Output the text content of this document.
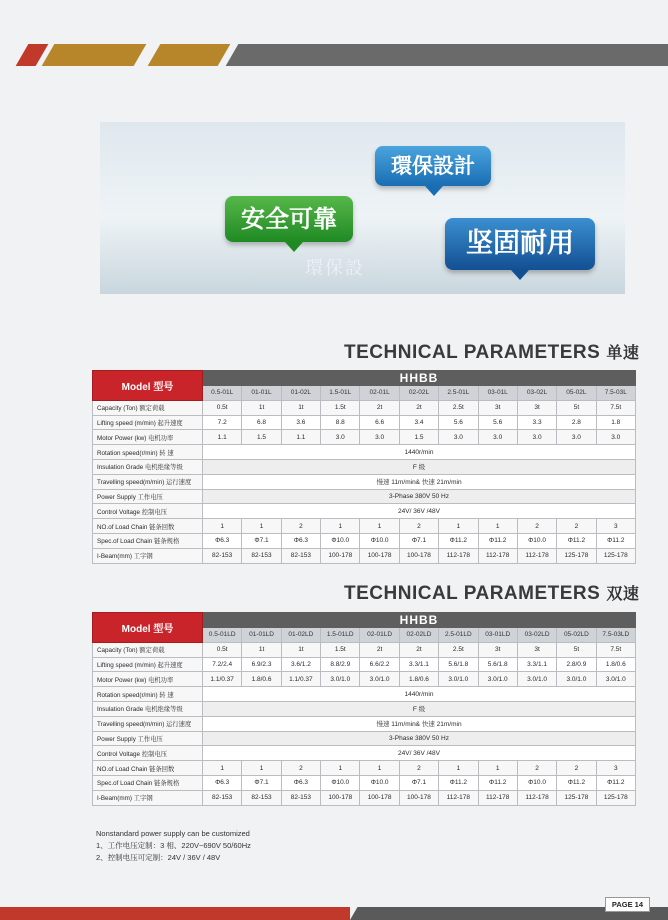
環保設
安全可靠
環保設計
坚固耐用
TECHNICAL PARAMETERS 单速
Model 型号	HHBB										
	0.5-01L	01-01L	01-02L	1.5-01L	02-01L	02-02L	2.5-01L	03-01L	03-02L	05-02L	7.5-03L
Capacity (Ton) 额定荷载	0.5t	1t	1t	1.5t	2t	2t	2.5t	3t	3t	5t	7.5t
Lifting speed (m/min) 起升速度	7.2	6.8	3.6	8.8	6.6	3.4	5.6	5.6	3.3	2.8	1.8
Motor Power (kw) 电机功率	1.1	1.5	1.1	3.0	3.0	1.5	3.0	3.0	3.0	3.0	3.0
Rotation speed(r/min) 转 速	1440r/min										
Insulation Grade 电机绝缘等级	F 级										
Travelling speed(m/min) 运行速度	慢速 11m/min& 快速 21m/min										
Power Supply 工作电压	3-Phase 380V 50 Hz										
Control Voltage 控制电压	24V/ 36V /48V										
NO.of Load Chain 链条回数	1	1	2	1	1	2	1	1	2	2	3
Spec.of Load Chain 链条规格	Φ6.3	Φ7.1	Φ6.3	Φ10.0	Φ10.0	Φ7.1	Φ11.2	Φ11.2	Φ10.0	Φ11.2	Φ11.2
I-Beam(mm) 工字钢	82-153	82-153	82-153	100-178	100-178	100-178	112-178	112-178	112-178	125-178	125-178
TECHNICAL PARAMETERS 双速
Model 型号	HHBB										
	0.5-01LD	01-01LD	01-02LD	1.5-01LD	02-01LD	02-02LD	2.5-01LD	03-01LD	03-02LD	05-02LD	7.5-03LD
Capacity (Ton) 额定荷载	0.5t	1t	1t	1.5t	2t	2t	2.5t	3t	3t	5t	7.5t
Lifting speed (m/min) 起升速度	7.2/2.4	6.9/2.3	3.6/1.2	8.8/2.9	6.6/2.2	3.3/1.1	5.6/1.8	5.6/1.8	3.3/1.1	2.8/0.9	1.8/0.6
Motor Power (kw) 电机功率	1.1/0.37	1.8/0.6	1.1/0.37	3.0/1.0	3.0/1.0	1.8/0.6	3.0/1.0	3.0/1.0	3.0/1.0	3.0/1.0	3.0/1.0
Rotation speed(r/min) 转 速	1440r/min										
Insulation Grade 电机绝缘等级	F 级										
Travelling speed(m/min) 运行速度	慢速 11m/min& 快速 21m/min										
Power Supply 工作电压	3-Phase 380V 50 Hz										
Control Voltage 控制电压	24V/ 36V /48V										
NO.of Load Chain 链条回数	1	1	2	1	1	2	1	1	2	2	3
Spec.of Load Chain 链条规格	Φ6.3	Φ7.1	Φ6.3	Φ10.0	Φ10.0	Φ7.1	Φ11.2	Φ11.2	Φ10.0	Φ11.2	Φ11.2
I-Beam(mm) 工字钢	82-153	82-153	82-153	100-178	100-178	100-178	112-178	112-178	112-178	125-178	125-178
Nonstandard power supply can be customized
1、工作电压定制：3 相、220V~690V 50/60Hz
2、控制电压可定制：24V / 36V / 48V
PAGE 14
